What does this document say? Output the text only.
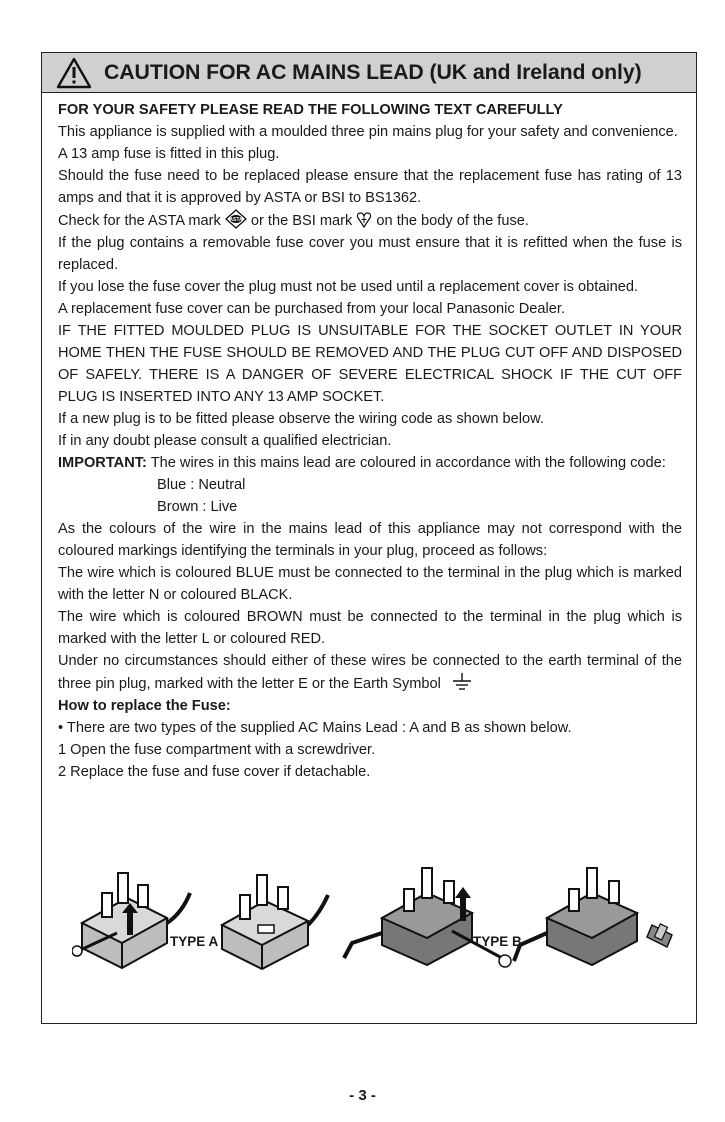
CAUTION FOR AC MAINS LEAD (UK and Ireland only)

FOR YOUR SAFETY PLEASE READ THE FOLLOWING TEXT CAREFULLY

This appliance is supplied with a moulded three pin mains plug for your safety and convenience.

A 13 amp fuse is fitted in this plug.

Should the fuse need to be replaced please ensure that the replacement fuse has rating of 13 amps and that it is approved by ASTA or BSI to BS1362.

Check for the ASTA mark ASTA or the BSI mark on the body of the fuse.

If the plug contains a removable fuse cover you must ensure that it is refitted when the fuse is replaced.

If you lose the fuse cover the plug must not be used until a replacement cover is obtained.

A replacement fuse cover can be purchased from your local Panasonic Dealer.

IF THE FITTED MOULDED PLUG IS UNSUITABLE FOR THE SOCKET OUTLET IN YOUR HOME THEN THE FUSE SHOULD BE REMOVED AND THE PLUG CUT OFF AND DISPOSED OF SAFELY. THERE IS A DANGER OF SEVERE ELECTRICAL SHOCK IF THE CUT OFF PLUG IS INSERTED INTO ANY 13 AMP SOCKET.

If a new plug is to be fitted please observe the wiring code as shown below.

If in any doubt please consult a qualified electrician.

IMPORTANT: The wires in this mains lead are coloured in accordance with the following code:

Blue : Neutral

Brown : Live

As the colours of the wire in the mains lead of this appliance may not correspond with the coloured markings identifying the terminals in your plug, proceed as follows:

The wire which is coloured BLUE must be connected to the terminal in the plug which is marked with the letter N or coloured BLACK.

The wire which is coloured BROWN must be connected to the terminal in the plug which is marked with the letter L or coloured RED.

Under no circumstances should either of these wires be connected to the earth terminal of the three pin plug, marked with the letter E or the Earth Symbol

How to replace the Fuse:

• There are two types of the supplied AC Mains Lead : A and B as shown below.

1 Open the fuse compartment with a screwdriver.

2 Replace the fuse and fuse cover if detachable.

TYPE A	TYPE B
- 3 -
